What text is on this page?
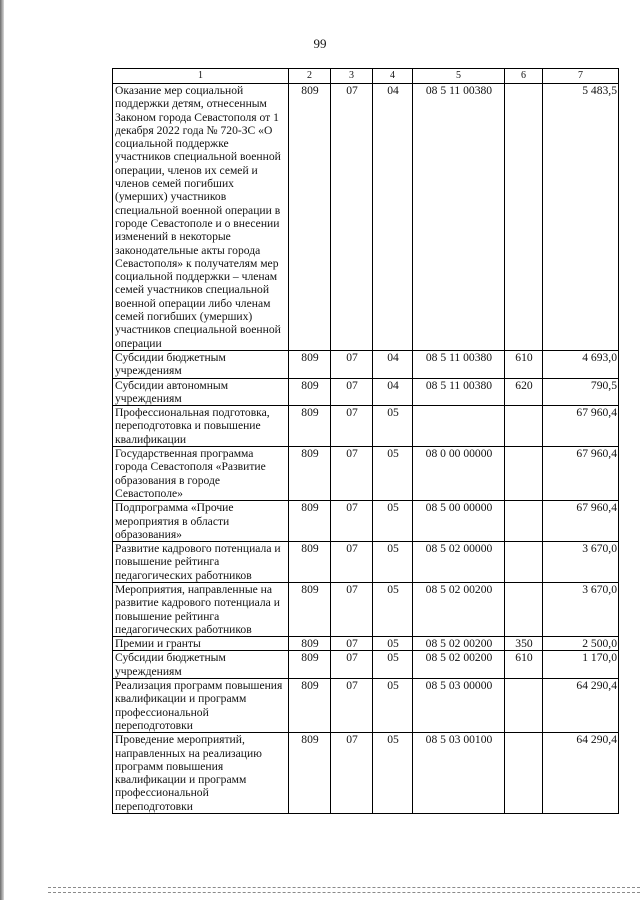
99
1	2	3	4	5	6	7
Оказание мер социальной поддержки детям, отнесенным Законом города Севастополя от 1 декабря 2022 года № 720-ЗС «О социальной поддержке участников специальной военной операции, членов их семей и членов семей погибших (умерших) участников специальной военной операции в городе Севастополе и о внесении изменений в некоторые законодательные акты города Севастополя» к получателям мер социальной поддержки – членам семей участников специальной военной операции либо членам семей погибших (умерших) участников специальной военной операции	809	07	04	08 5 11 00380		5 483,5
Субсидии бюджетным учреждениям	809	07	04	08 5 11 00380	610	4 693,0
Субсидии автономным учреждениям	809	07	04	08 5 11 00380	620	790,5
Профессиональная подготовка, переподготовка и повышение квалификации	809	07	05			67 960,4
Государственная программа города Севастополя «Развитие образования в городе Севастополе»	809	07	05	08 0 00 00000		67 960,4
Подпрограмма «Прочие мероприятия в области образования»	809	07	05	08 5 00 00000		67 960,4
Развитие кадрового потенциала и повышение рейтинга педагогических работников	809	07	05	08 5 02 00000		3 670,0
Мероприятия, направленные на развитие кадрового потенциала и повышение рейтинга педагогических работников	809	07	05	08 5 02 00200		3 670,0
Премии и гранты	809	07	05	08 5 02 00200	350	2 500,0
Субсидии бюджетным учреждениям	809	07	05	08 5 02 00200	610	1 170,0
Реализация программ повышения квалификации и программ профессиональной переподготовки	809	07	05	08 5 03 00000		64 290,4
Проведение мероприятий, направленных на реализацию программ повышения квалификации и программ профессиональной переподготовки	809	07	05	08 5 03 00100		64 290,4
